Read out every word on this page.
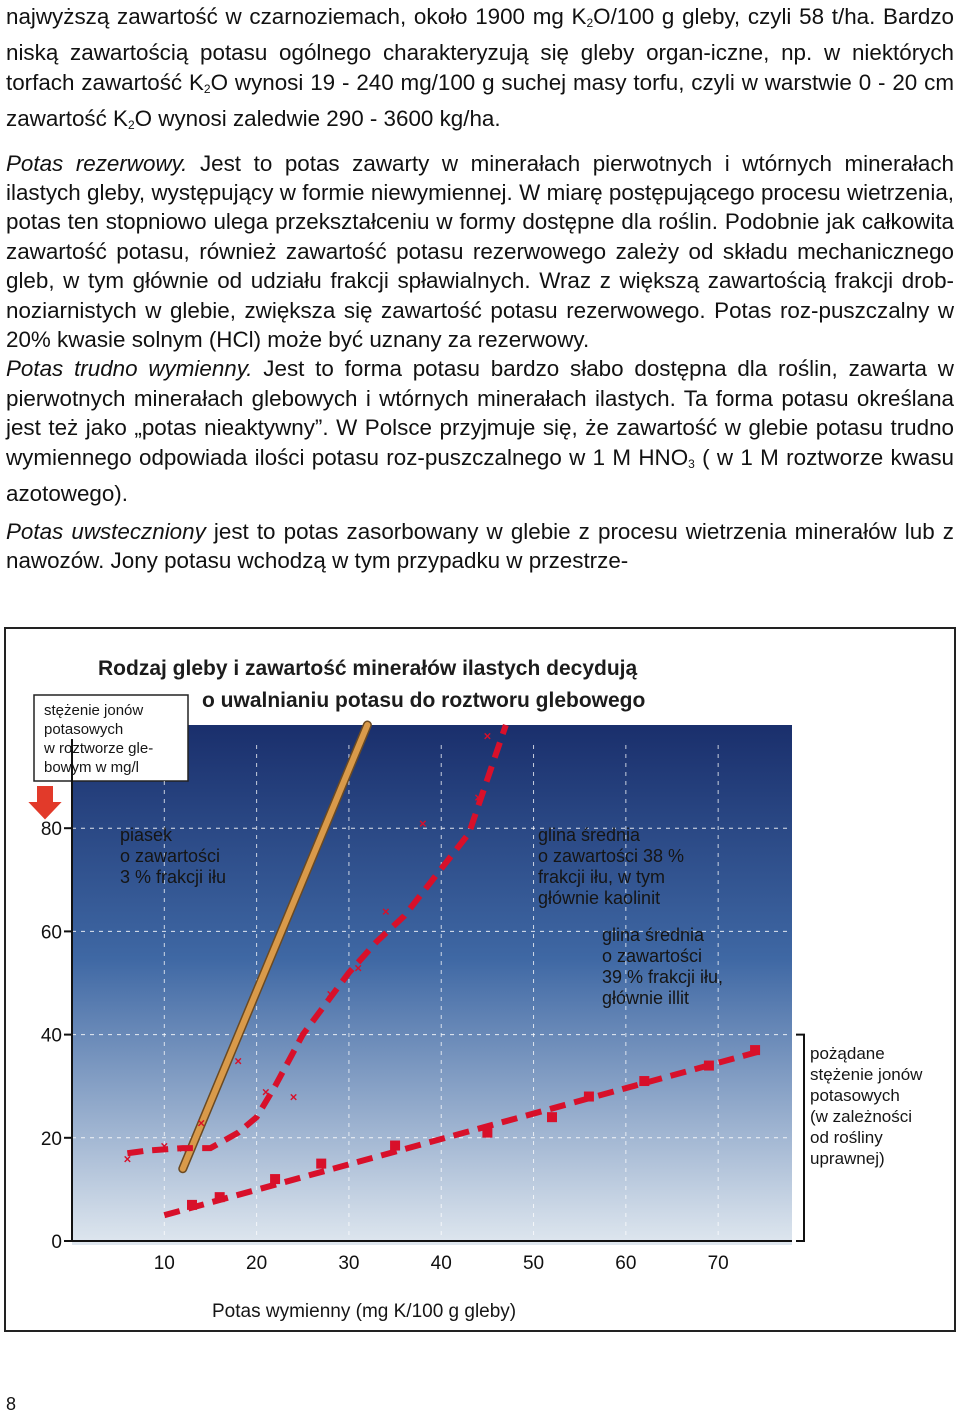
najwyższą zawartość w czarnoziemach, około 1900 mg $K_2O/100$ g gleby, czyli 58 t/ha. Bardzo niską zawartością potasu ogólnego charakteryzują się gleby organ-iczne, np. w niektórych torfach zawartość $K_2O$ wynosi 19 - 240 mg/100 g suchej masy torfu, czyli w warstwie 0 - 20 cm zawartość $K_2O$ wynosi zaledwie 290 - 3600 kg/ha.

Potas rezerwowy. Jest to potas zawarty w minerałach pierwotnych i wtórnych minerałach ilastych gleby, występujący w formie niewymiennej. W miarę postępującego procesu wietrzenia, potas ten stopniowo ulega przekształceniu w formy dostępne dla roślin. Podobnie jak całkowita zawartość potasu, również zawartość potasu rezerwowego zależy od składu mechanicznego gleb, w tym głównie od udziału frakcji spławialnych. Wraz z większą zawartością frakcji drob-noziarnistych w glebie, zwiększa się zawartość potasu rezerwowego. Potas roz-puszczalny w 20% kwasie solnym (HCl) może być uznany za rezerwowy.

Potas trudno wymienny. Jest to forma potasu bardzo słabo dostępna dla roślin, zawarta w pierwotnych minerałach glebowych i wtórnych minerałach ilastych. Ta forma potasu określana jest też jako „potas nieaktywny”. W Polsce przyjmuje się, że zawartość w glebie potasu trudno wymiennego odpowiada ilości potasu roz-puszczalnego w 1 M $HNO_3$ ( w 1 M roztworze kwasu azotowego).

Potas uwsteczniony jest to potas zasorbowany w glebie z procesu wietrzenia minerałów lub z nawozów. Jony potasu wchodzą w tym przypadku w przestrze-

Rodzaj gleby i zawartość minerałów ilastych decydują
o uwalnianiu potasu do roztworu glebowego
stężenie jonów
potasowych
w roztworze gle-
bowym w mg/l
0
20
40
60
80
10	20	30	40	50	60	70
×
× ×
×
×
× ×
×
×
×
×
×
×
piasek
o zawartości
3 % frakcji iłu
glina średnia
o zawartości 38 %
frakcji iłu, w tym
głównie kaolinit
glina średnia
o zawartości
39 % frakcji iłu,
głównie illit
pożądane
stężenie jonów
potasowych
(w zależności
od rośliny
uprawnej)
Potas wymienny (mg K/100 g gleby)
8
